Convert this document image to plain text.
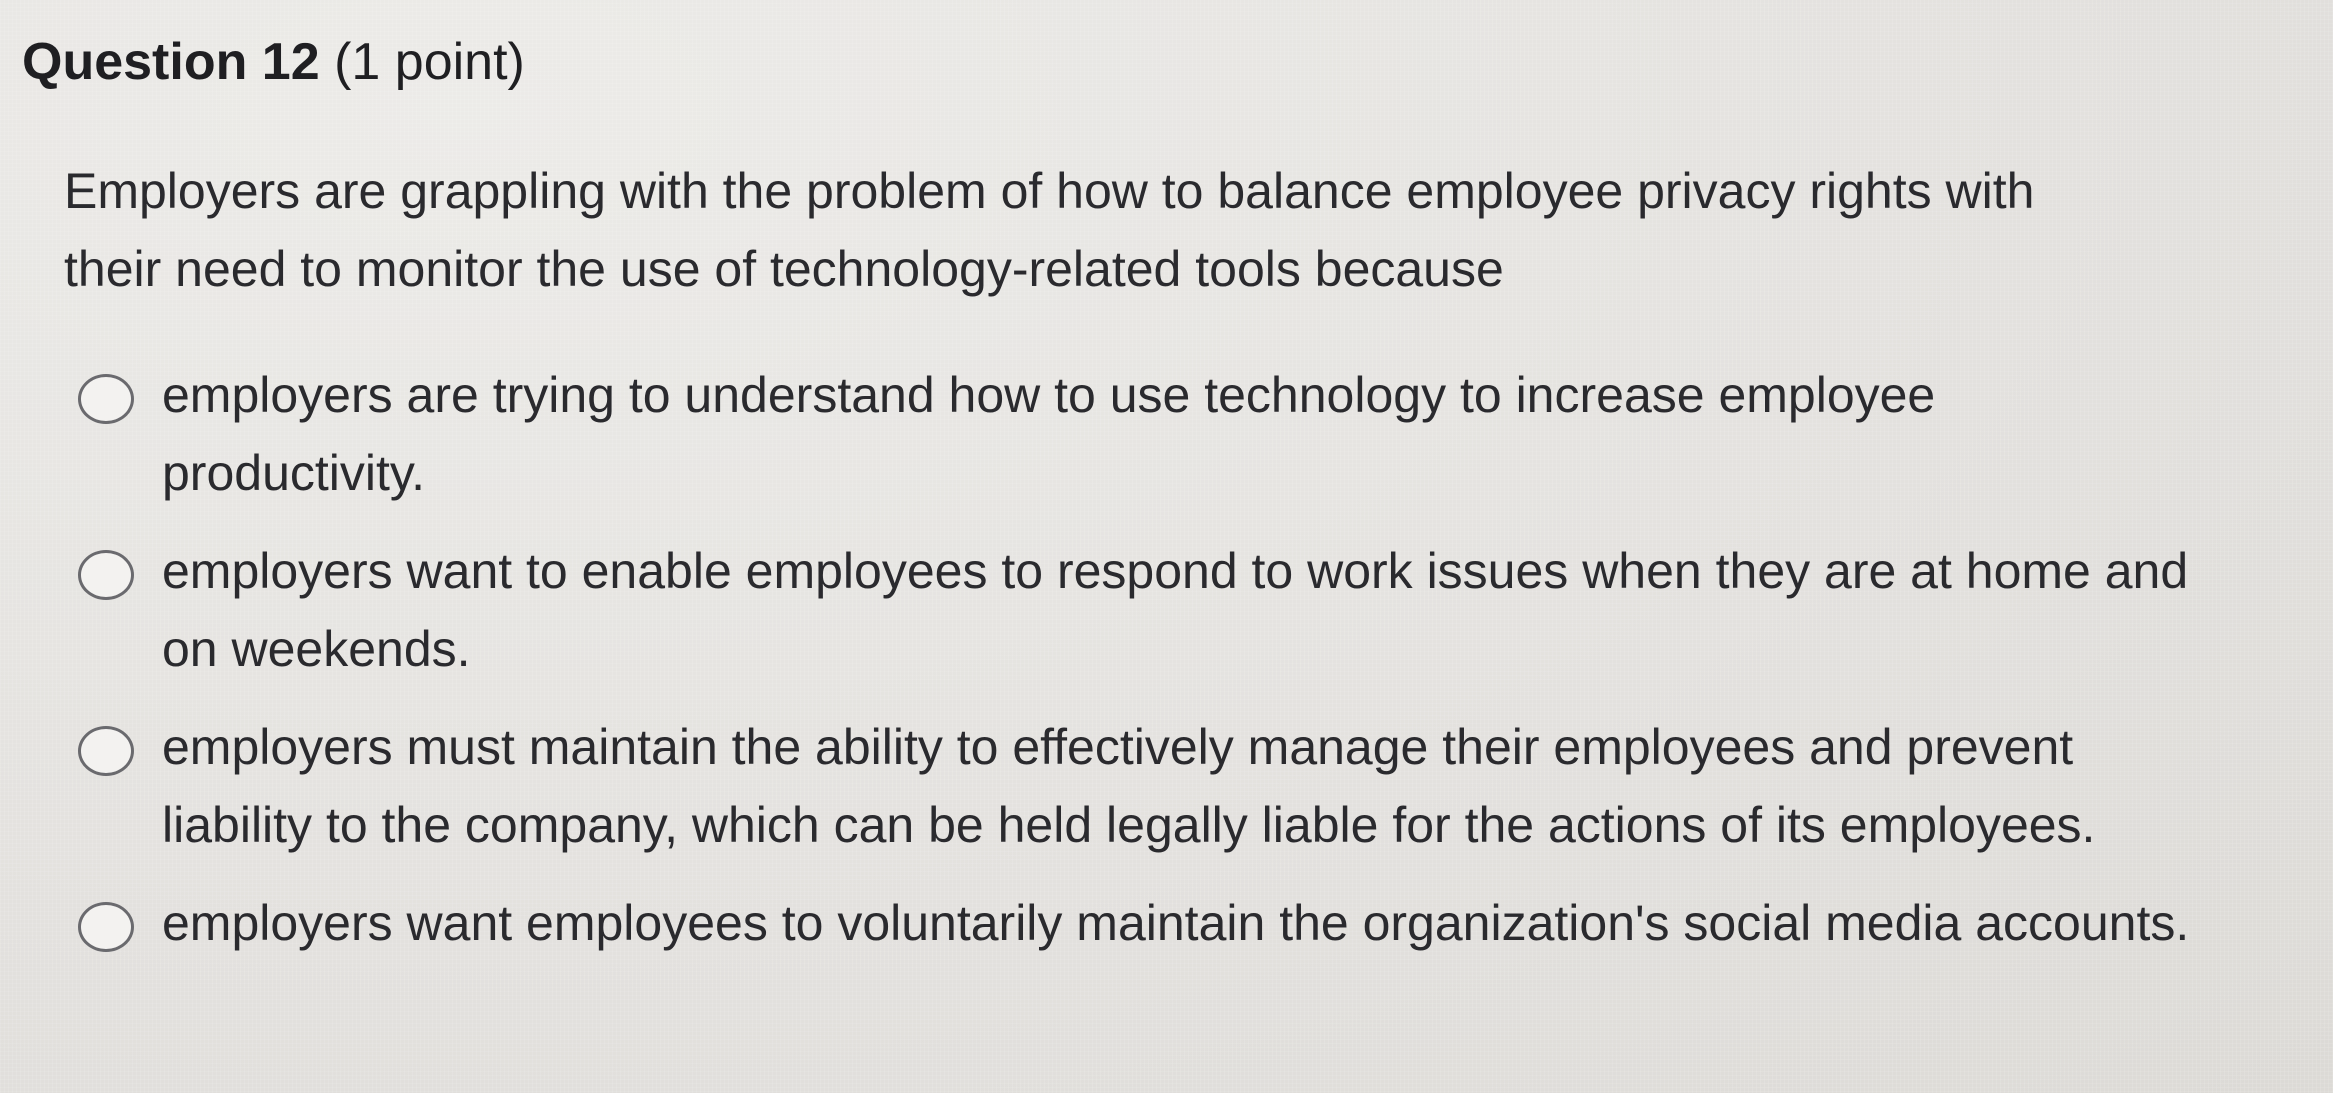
Question 12 (1 point)
Employers are grappling with the problem of how to balance employee privacy rights with their need to monitor the use of technology-related tools because
employers are trying to understand how to use technology to increase employee productivity.
employers want to enable employees to respond to work issues when they are at home and on weekends.
employers must maintain the ability to effectively manage their employees and prevent liability to the company, which can be held legally liable for the actions of its employees.
employers want employees to voluntarily maintain the organization's social media accounts.
